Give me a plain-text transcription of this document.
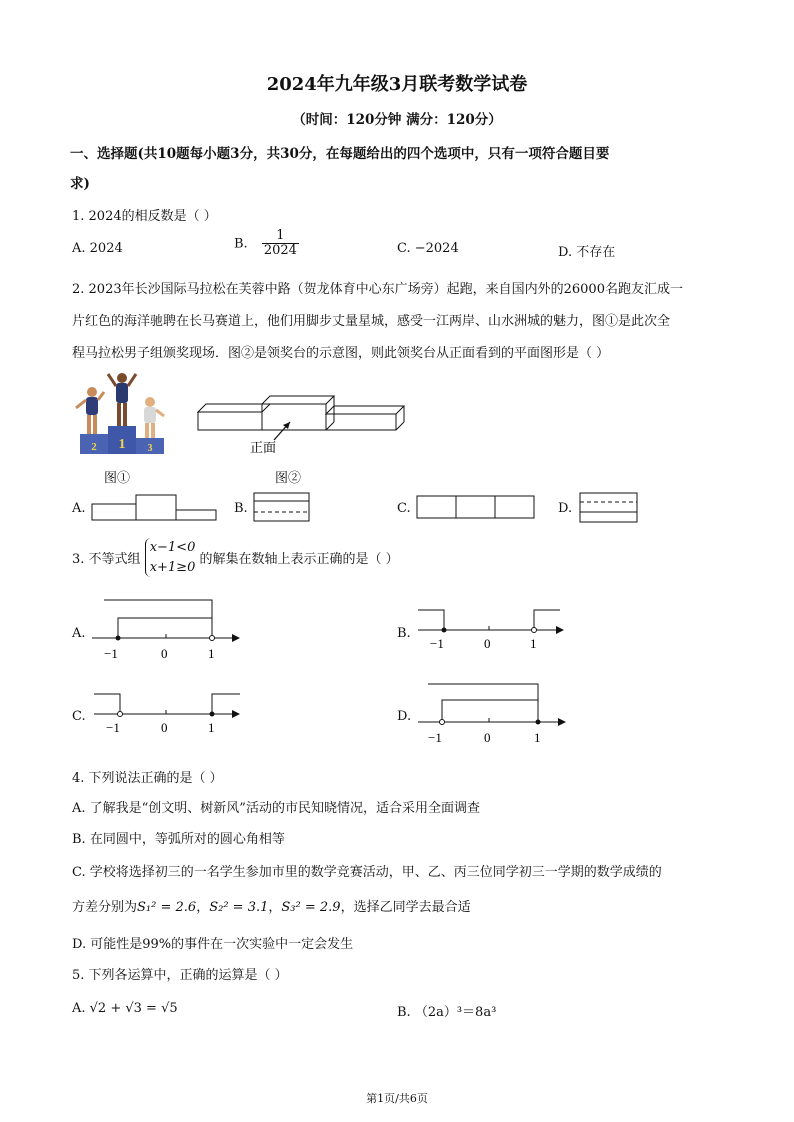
2024年九年级3月联考数学试卷
（时间：120分钟 满分：120分）
一、选择题(共10题每小题3分，共30分，在每题给出的四个选项中，只有一项符合题目要
求)
1. 2024的相反数是（ ）
A. 2024	B. $\frac{1}{2024}$	C. −2024	D. 不存在
2. 2023年长沙国际马拉松在芙蓉中路（贺龙体育中心东广场旁）起跑，来自国内外的26000名跑友汇成一
片红色的海洋驰聘在长马赛道上，他们用脚步丈量星城，感受一江两岸、山水洲城的魅力，图①是此次全
程马拉松男子组颁奖现场．图②是领奖台的示意图，则此领奖台从正面看到的平面图形是（ ）
2 1 3	正面
图①	图②
A.	B.	C.	D.
3. 不等式组
x−1<0
x+1≥0 的解集在数轴上表示正确的是（ ）
A.
−1	0	1
B.
−1	0	1
C.
−1	0	1
D.
−1	0	1
4. 下列说法正确的是（ ）
A. 了解我是“创文明、树新风”活动的市民知晓情况，适合采用全面调查
B. 在同圆中，等弧所对的圆心角相等
C. 学校将选择初三的一名学生参加市里的数学竞赛活动，甲、乙、丙三位同学初三一学期的数学成绩的
方差分别为S₁² = 2.6，S₂² = 3.1，S₃² = 2.9，选择乙同学去最合适
D. 可能性是99%的事件在一次实验中一定会发生
5. 下列各运算中，正确的运算是（ ）
A. √2 + √3 = √5	B. （2a）³＝8a³
第1页/共6页
